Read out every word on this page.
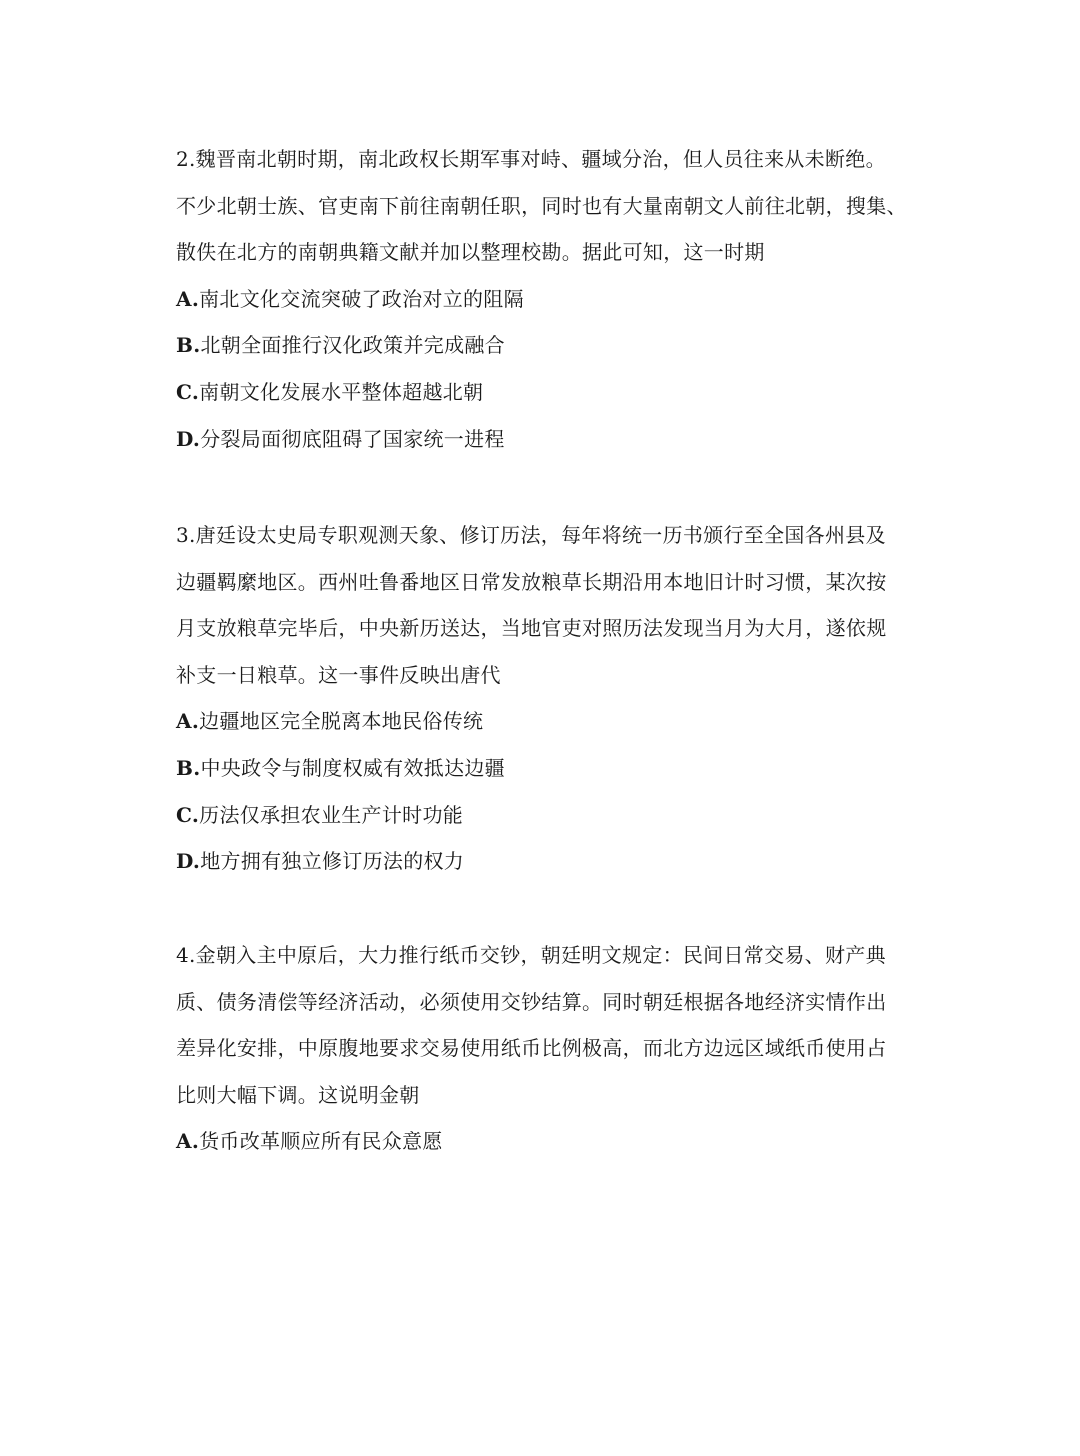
2.魏晋南北朝时期，南北政权长期军事对峙、疆域分治，但人员往来从未断绝。
不少北朝士族、官吏南下前往南朝任职，同时也有大量南朝文人前往北朝，搜集、
散佚在北方的南朝典籍文献并加以整理校勘。据此可知，这一时期
A.南北文化交流突破了政治对立的阻隔
B.北朝全面推行汉化政策并完成融合
C.南朝文化发展水平整体超越北朝
D.分裂局面彻底阻碍了国家统一进程
3.唐廷设太史局专职观测天象、修订历法，每年将统一历书颁行至全国各州县及
边疆羁縻地区。西州吐鲁番地区日常发放粮草长期沿用本地旧计时习惯，某次按
月支放粮草完毕后，中央新历送达，当地官吏对照历法发现当月为大月，遂依规
补支一日粮草。这一事件反映出唐代
A.边疆地区完全脱离本地民俗传统
B.中央政令与制度权威有效抵达边疆
C.历法仅承担农业生产计时功能
D.地方拥有独立修订历法的权力
4.金朝入主中原后，大力推行纸币交钞，朝廷明文规定：民间日常交易、财产典
质、债务清偿等经济活动，必须使用交钞结算。同时朝廷根据各地经济实情作出
差异化安排，中原腹地要求交易使用纸币比例极高，而北方边远区域纸币使用占
比则大幅下调。这说明金朝
A.货币改革顺应所有民众意愿
